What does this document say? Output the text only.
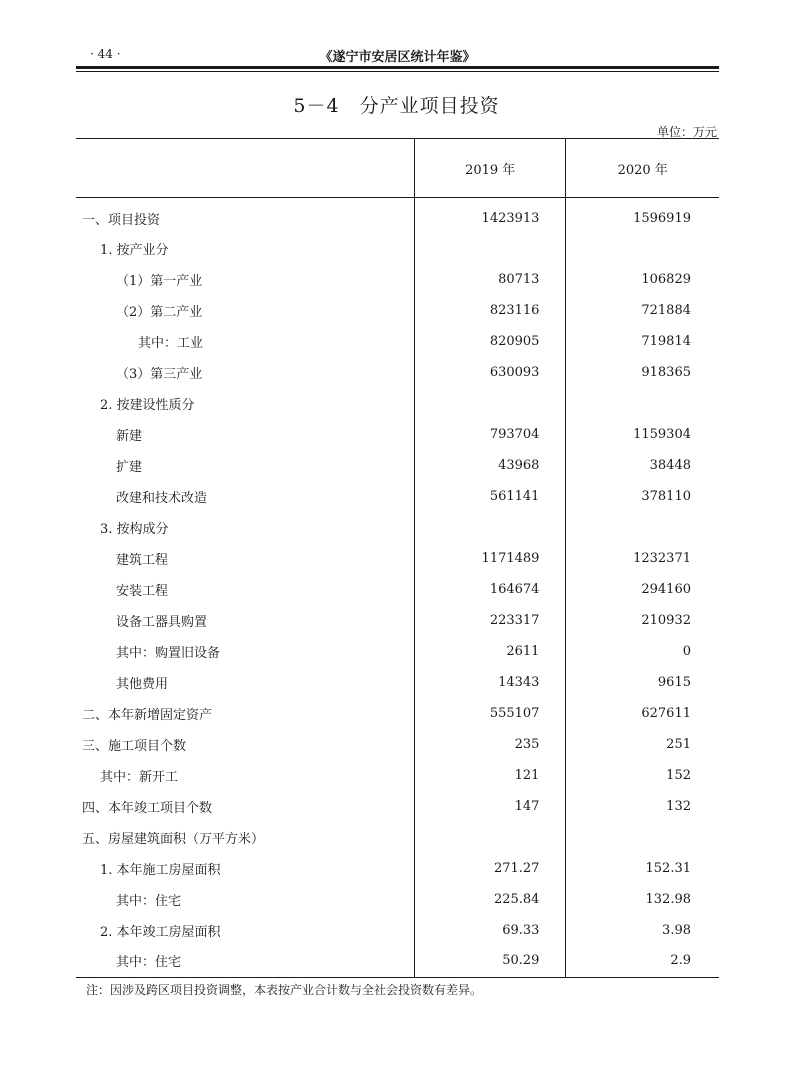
· 44 ·	《遂宁市安居区统计年鉴》
5－4　分产业项目投资
单位：万元
	2019 年	2020 年
一、项目投资	1423913	1596919
1. 按产业分		
（1）第一产业	80713	106829
（2）第二产业	823116	721884
其中：工业	820905	719814
（3）第三产业	630093	918365
2. 按建设性质分		
新建	793704	1159304
扩建	43968	38448
改建和技术改造	561141	378110
3. 按构成分		
建筑工程	1171489	1232371
安装工程	164674	294160
设备工器具购置	223317	210932
其中：购置旧设备	2611	0
其他费用	14343	9615
二、本年新增固定资产	555107	627611
三、施工项目个数	235	251
其中：新开工	121	152
四、本年竣工项目个数	147	132
五、房屋建筑面积（万平方米）		
1. 本年施工房屋面积	271.27	152.31
其中：住宅	225.84	132.98
2. 本年竣工房屋面积	69.33	3.98
其中：住宅	50.29	2.9
注：因涉及跨区项目投资调整，本表按产业合计数与全社会投资数有差异。
